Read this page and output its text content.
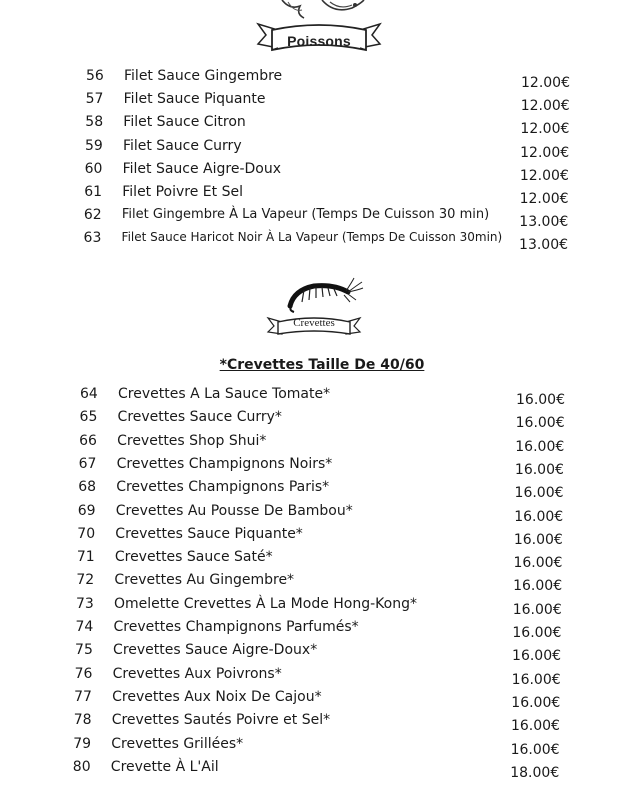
Poissons
56 Filet Sauce Gingembre	12.00€
57 Filet Sauce Piquante	12.00€
58 Filet Sauce Citron	12.00€
59 Filet Sauce Curry	12.00€
60 Filet Sauce Aigre-Doux	12.00€
61 Filet Poivre Et Sel	12.00€
62 Filet Gingembre À La Vapeur (Temps De Cuisson 30 min) 13.00€
63 Filet Sauce Haricot Noir À La Vapeur (Temps De Cuisson 30min) 13.00€
Crevettes
*Crevettes Taille De 40/60
64 Crevettes A La Sauce Tomate*	16.00€
65 Crevettes Sauce Curry*	16.00€
66 Crevettes Shop Shui*	16.00€
67 Crevettes Champignons Noirs*	16.00€
68 Crevettes Champignons Paris*	16.00€
69 Crevettes Au Pousse De Bambou*	16.00€
70 Crevettes Sauce Piquante*	16.00€
71 Crevettes Sauce Saté*	16.00€
72 Crevettes Au Gingembre*	16.00€
73 Omelette Crevettes À La Mode Hong-Kong*	16.00€
74 Crevettes Champignons Parfumés*	16.00€
75 Crevettes Sauce Aigre-Doux*	16.00€
76 Crevettes Aux Poivrons*	16.00€
77 Crevettes Aux Noix De Cajou*	16.00€
78 Crevettes Sautés Poivre et Sel*	16.00€
79 Crevettes Grillées*	16.00€
80 Crevette À L'Ail	18.00€
